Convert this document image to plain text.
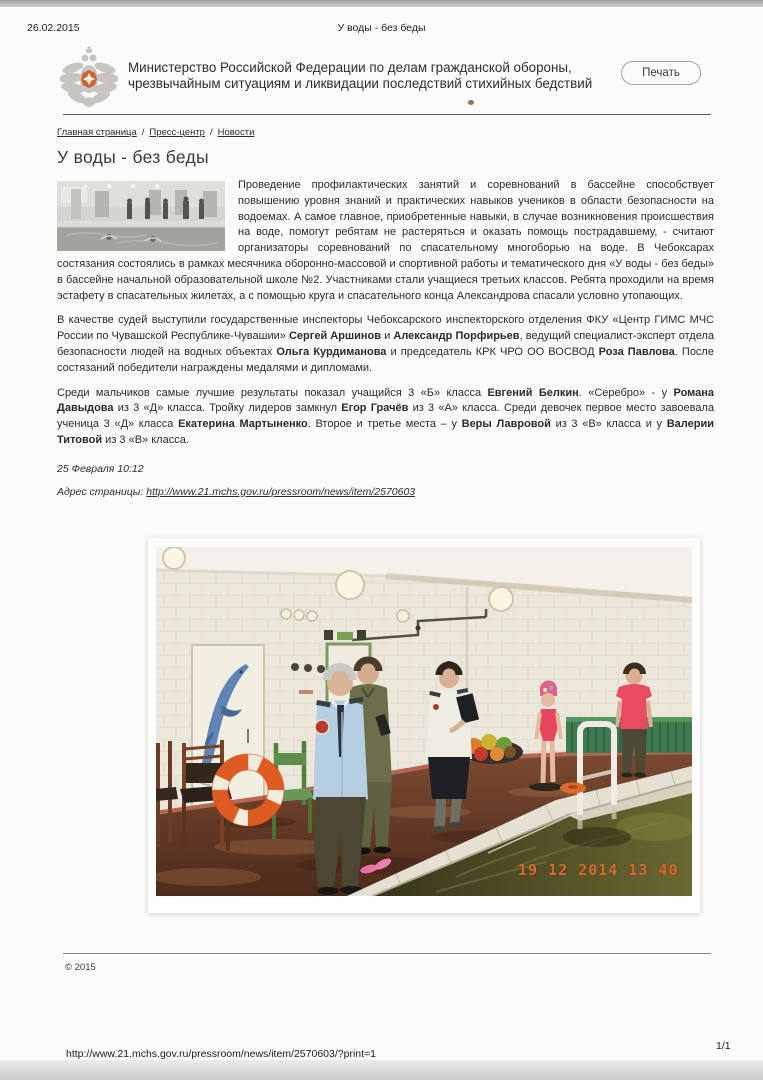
26.02.2015	У воды - без беды
Министерство Российской Федерации по делам гражданской обороны, чрезвычайным ситуациям и ликвидации последствий стихийных бедствий
Печать
Главная страница / Пресс-центр / Новости
У воды - без беды

Проведение профилактических занятий и соревнований в бассейне способствует повышению уровня знаний и практических навыков учеников в области безопасности на водоемах. А самое главное, приобретенные навыки, в случае возникновения происшествия на воде, помогут ребятам не растеряться и оказать помощь пострадавшему, - считают организаторы соревнований по спасательному многоборью на воде. В Чебоксарах состязания состоялись в рамках месячника оборонно-массовой и спортивной работы и тематического дня «У воды - без беды» в бассейне начальной образовательной школе №2. Участниками стали учащиеся третьих классов. Ребята проходили на время эстафету в спасательных жилетах, а с помощью круга и спасательного конца Александрова спасали условно утопающих.

В качестве судей выступили государственные инспекторы Чебоксарского инспекторского отделения ФКУ «Центр ГИМС МЧС России по Чувашской Республике-Чувашии» Сергей Аршинов и Александр Порфирьев, ведущий специалист-эксперт отдела безопасности людей на водных объектах Ольга Курдиманова и председатель КРК ЧРО ОО ВОСВОД Роза Павлова. После состязаний победители награждены медалями и дипломами.

Среди мальчиков самые лучшие результаты показал учащийся 3 «Б» класса Евгений Белкин. «Серебро» - у Романа Давыдова из 3 «Д» класса. Тройку лидеров замкнул Егор Грачёв из 3 «А» класса. Среди девочек первое место завоевала ученица 3 «Д» класса Екатерина Мартыненко. Второе и третье места – у Веры Лавровой из 3 «В» класса и у Валерии Титовой из 3 «В» класса.

25 Февраля 10:12
Адрес страницы: http://www.21.mchs.gov.ru/pressroom/news/item/2570603
19 12 2014 13 40
© 2015
http://www.21.mchs.gov.ru/pressroom/news/item/2570603/?print=1
1/1
